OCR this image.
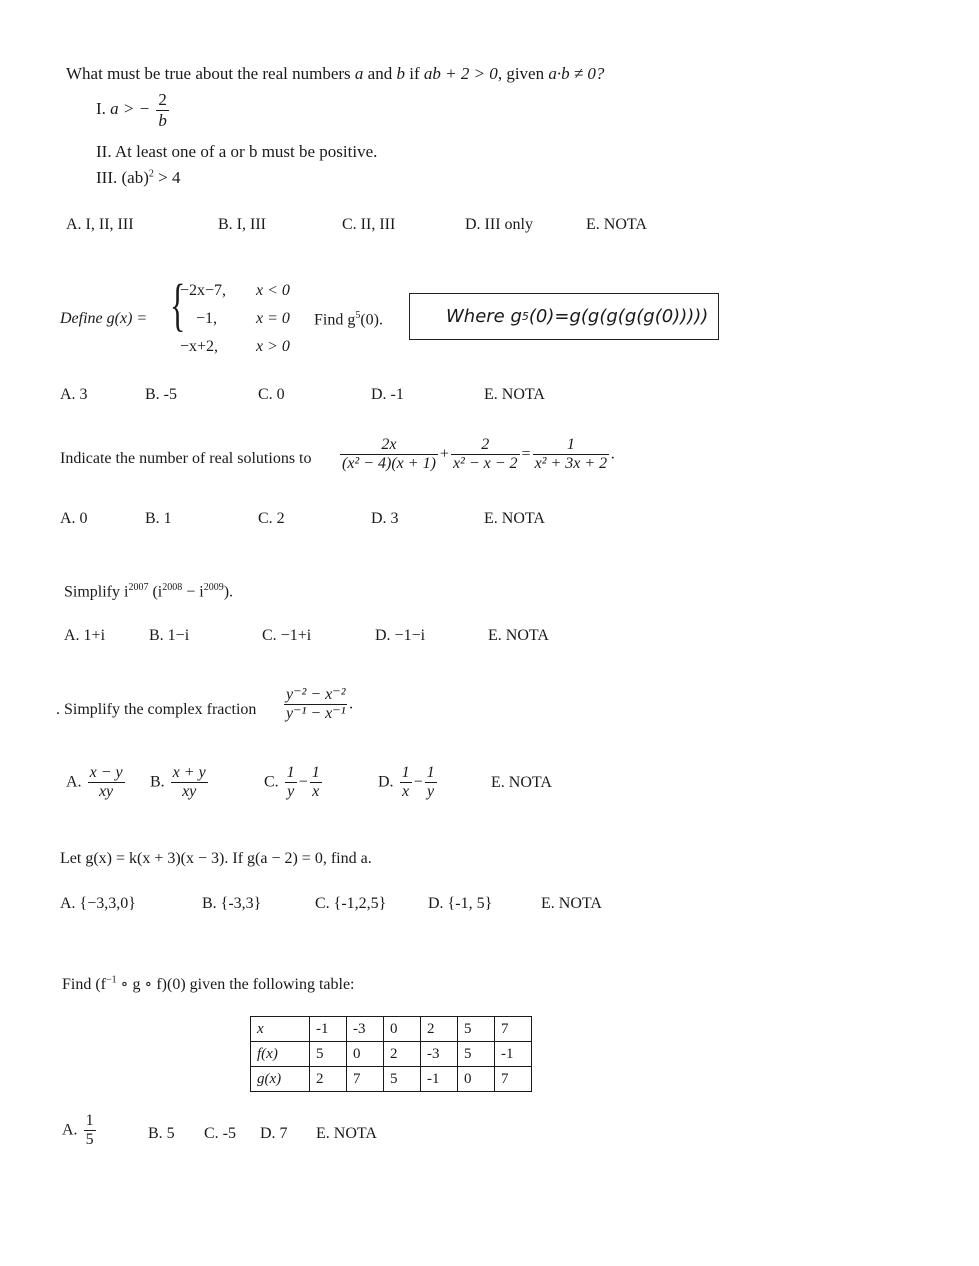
What must be true about the real numbers a and b if ab + 2 > 0, given a·b ≠ 0?
I. a > − $\frac{2}{b}$
II. At least one of a or b must be positive.
III. (ab)$^2$ > 4
A. I, II, III	B. I, III	C. II, III	D. III only	E. NOTA
Define g(x) = {
−2x−7, x < 0
−1, x = 0
−x+2, x > 0
Find $g^5(0)$.	Where g 5 (0)=g(g(g(g(g(0)))))
A. 3	B. -5	C. 0	D. -1	E. NOTA
Indicate the number of real solutions to $\frac{2x}{\text{(x² − 4)(x + 1)}} + \frac{2}{\text{x² − x − 2}} = \frac{1}{\text{x² + 3x + 2}}$ .
A. 0	B. 1	C. 2	D. 3	E. NOTA
Simplify $i^{2007}$ $(i^{2008} - i^{2009})$.
A. 1+i	B. 1−i	C. −1+i	D. −1−i	E. NOTA
. Simplify the complex fraction $\frac{\text{y⁻² − x⁻²}}{\text{y⁻¹ − x⁻¹}}$ .
A. $\frac{x - y}{xy} B$. $\frac{x + y}{xy}$	C. $\frac{1}{y} - \frac{1}{x}$	D. $\frac{1}{x} - \frac{1}{y}$	E. NOTA
Let g(x) = k(x + 3)(x − 3). If g(a − 2) = 0, find a.
A. {−3,3,0}	B. {-3,3}	C. {-1,2,5}	D. {-1, 5}	E. NOTA
Find ($f^{-1}$ ∘ g ∘ f)(0) given the following table:
x	-1	-3	0	2	5	7
f(x)	5	0	2	-3	5	-1
g(x)	2	7	5	-1	0	7
A. $\frac{1}{5}$	B. 5 C. -5 D. 7 E. NOTA
